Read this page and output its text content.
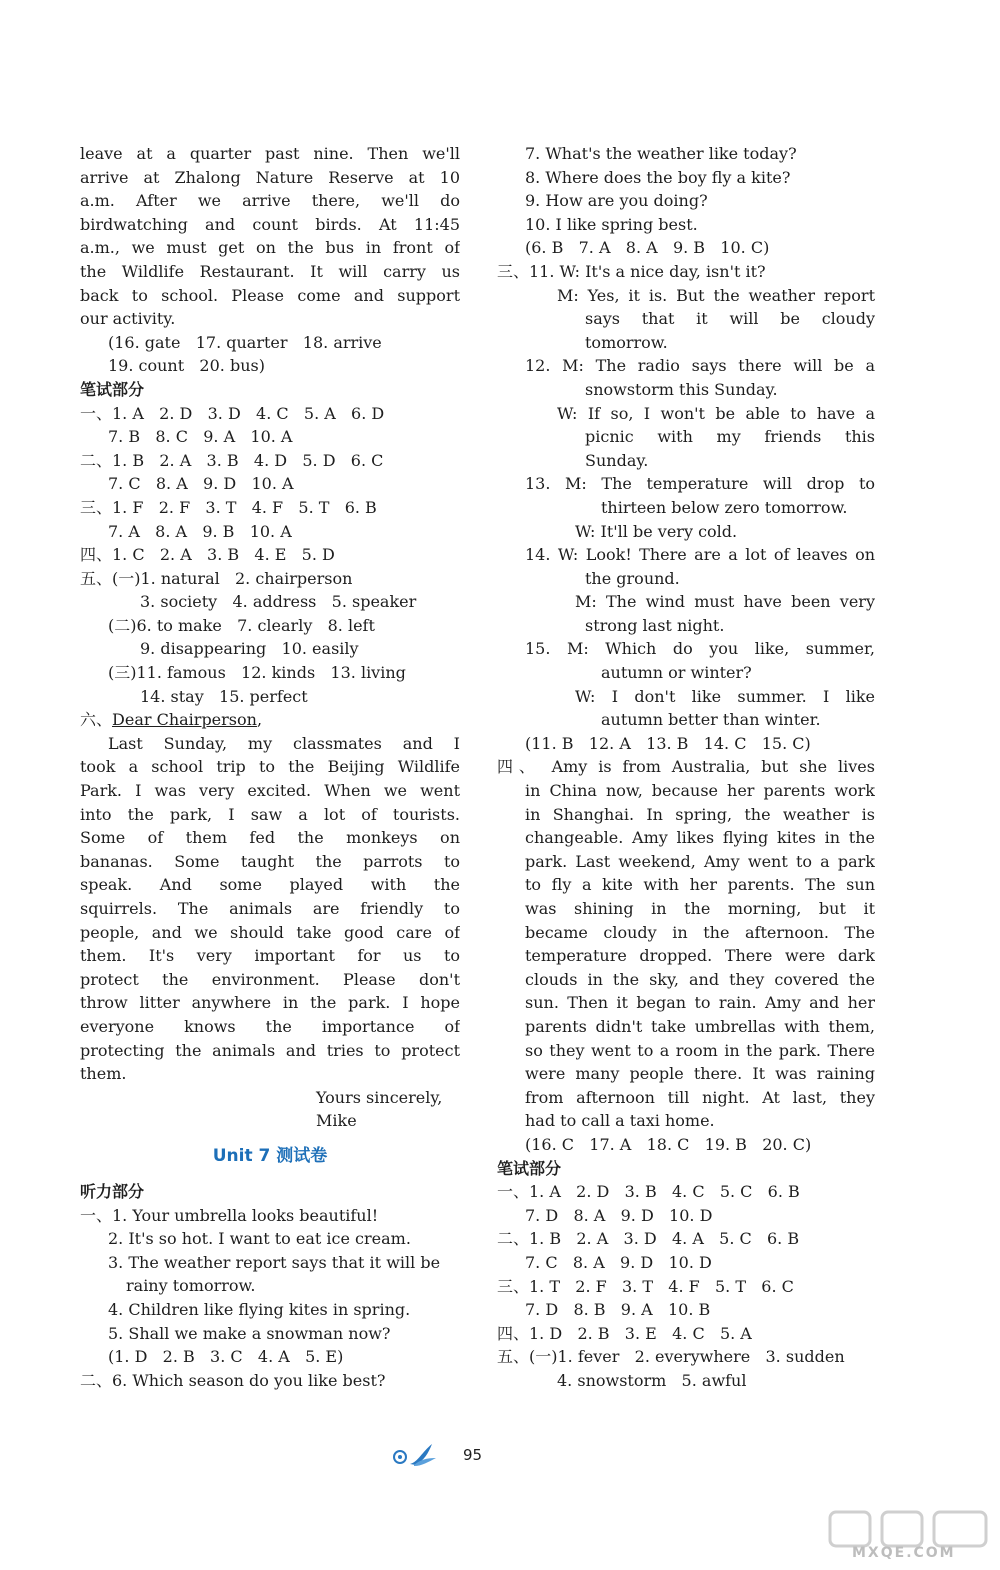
leave at a quarter past nine. Then we'll
arrive at Zhalong Nature Reserve at 10
a.m. After we arrive there, we'll do
birdwatching and count birds. At 11:45
a.m., we must get on the bus in front of
the Wildlife Restaurant. It will carry us
back to school. Please come and support
our activity.
(16. gate   17. quarter   18. arrive
19. count   20. bus)
笔试部分
一、1. A   2. D   3. D   4. C   5. A   6. D
7. B   8. C   9. A   10. A
二、1. B   2. A   3. B   4. D   5. D   6. C
7. C   8. A   9. D   10. A
三、1. F   2. F   3. T   4. F   5. T   6. B
7. A   8. A   9. B   10. A
四、1. C   2. A   3. B   4. E   5. D
五、(一)1. natural   2. chairperson
3. society   4. address   5. speaker
(二)6. to make   7. clearly   8. left
9. disappearing   10. easily
(三)11. famous   12. kinds   13. living
14. stay   15. perfect
六、Dear Chairperson,
Last Sunday, my classmates and I
took a school trip to the Beijing Wildlife
Park. I was very excited. When we went
into the park, I saw a lot of tourists.
Some of them fed the monkeys on
bananas. Some taught the parrots to
speak. And some played with the
squirrels. The animals are friendly to
people, and we should take good care of
them. It's very important for us to
protect the environment. Please don't
throw litter anywhere in the park. I hope
everyone knows the importance of
protecting the animals and tries to protect
them.
Yours sincerely,
Mike
Unit 7 测试卷
听力部分
一、1. Your umbrella looks beautiful!
2. It's so hot. I want to eat ice cream.
3. The weather report says that it will be
rainy tomorrow.
4. Children like flying kites in spring.
5. Shall we make a snowman now?
(1. D   2. B   3. C   4. A   5. E)
二、6. Which season do you like best?
7. What's the weather like today?
8. Where does the boy fly a kite?
9. How are you doing?
10. I like spring best.
(6. B   7. A   8. A   9. B   10. C)
三、11. W: It's a nice day, isn't it?
M: Yes, it is. But the weather report
says that it will be cloudy
tomorrow.
12. M: The radio says there will be a
snowstorm this Sunday.
W: If so, I won't be able to have a
picnic with my friends this
Sunday.
13. M: The temperature will drop to
thirteen below zero tomorrow.
W: It'll be very cold.
14. W: Look! There are a lot of leaves on
the ground.
M: The wind must have been very
strong last night.
15. M: Which do you like, summer,
autumn or winter?
W: I don't like summer. I like
autumn better than winter.
(11. B   12. A   13. B   14. C   15. C)
四、 Amy is from Australia, but she lives
in China now, because her parents work
in Shanghai. In spring, the weather is
changeable. Amy likes flying kites in the
park. Last weekend, Amy went to a park
to fly a kite with her parents. The sun
was shining in the morning, but it
became cloudy in the afternoon. The
temperature dropped. There were dark
clouds in the sky, and they covered the
sun. Then it began to rain. Amy and her
parents didn't take umbrellas with them,
so they went to a room in the park. There
were many people there. It was raining
from afternoon till night. At last, they
had to call a taxi home.
(16. C   17. A   18. C   19. B   20. C)
笔试部分
一、1. A   2. D   3. B   4. C   5. C   6. B
7. D   8. A   9. D   10. D
二、1. B   2. A   3. D   4. A   5. C   6. B
7. C   8. A   9. D   10. D
三、1. T   2. F   3. T   4. F   5. T   6. C
7. D   8. B   9. A   10. B
四、1. D   2. B   3. E   4. C   5. A
五、(一)1. fever   2. everywhere   3. sudden
4. snowstorm   5. awful
95
MXQE.COM
